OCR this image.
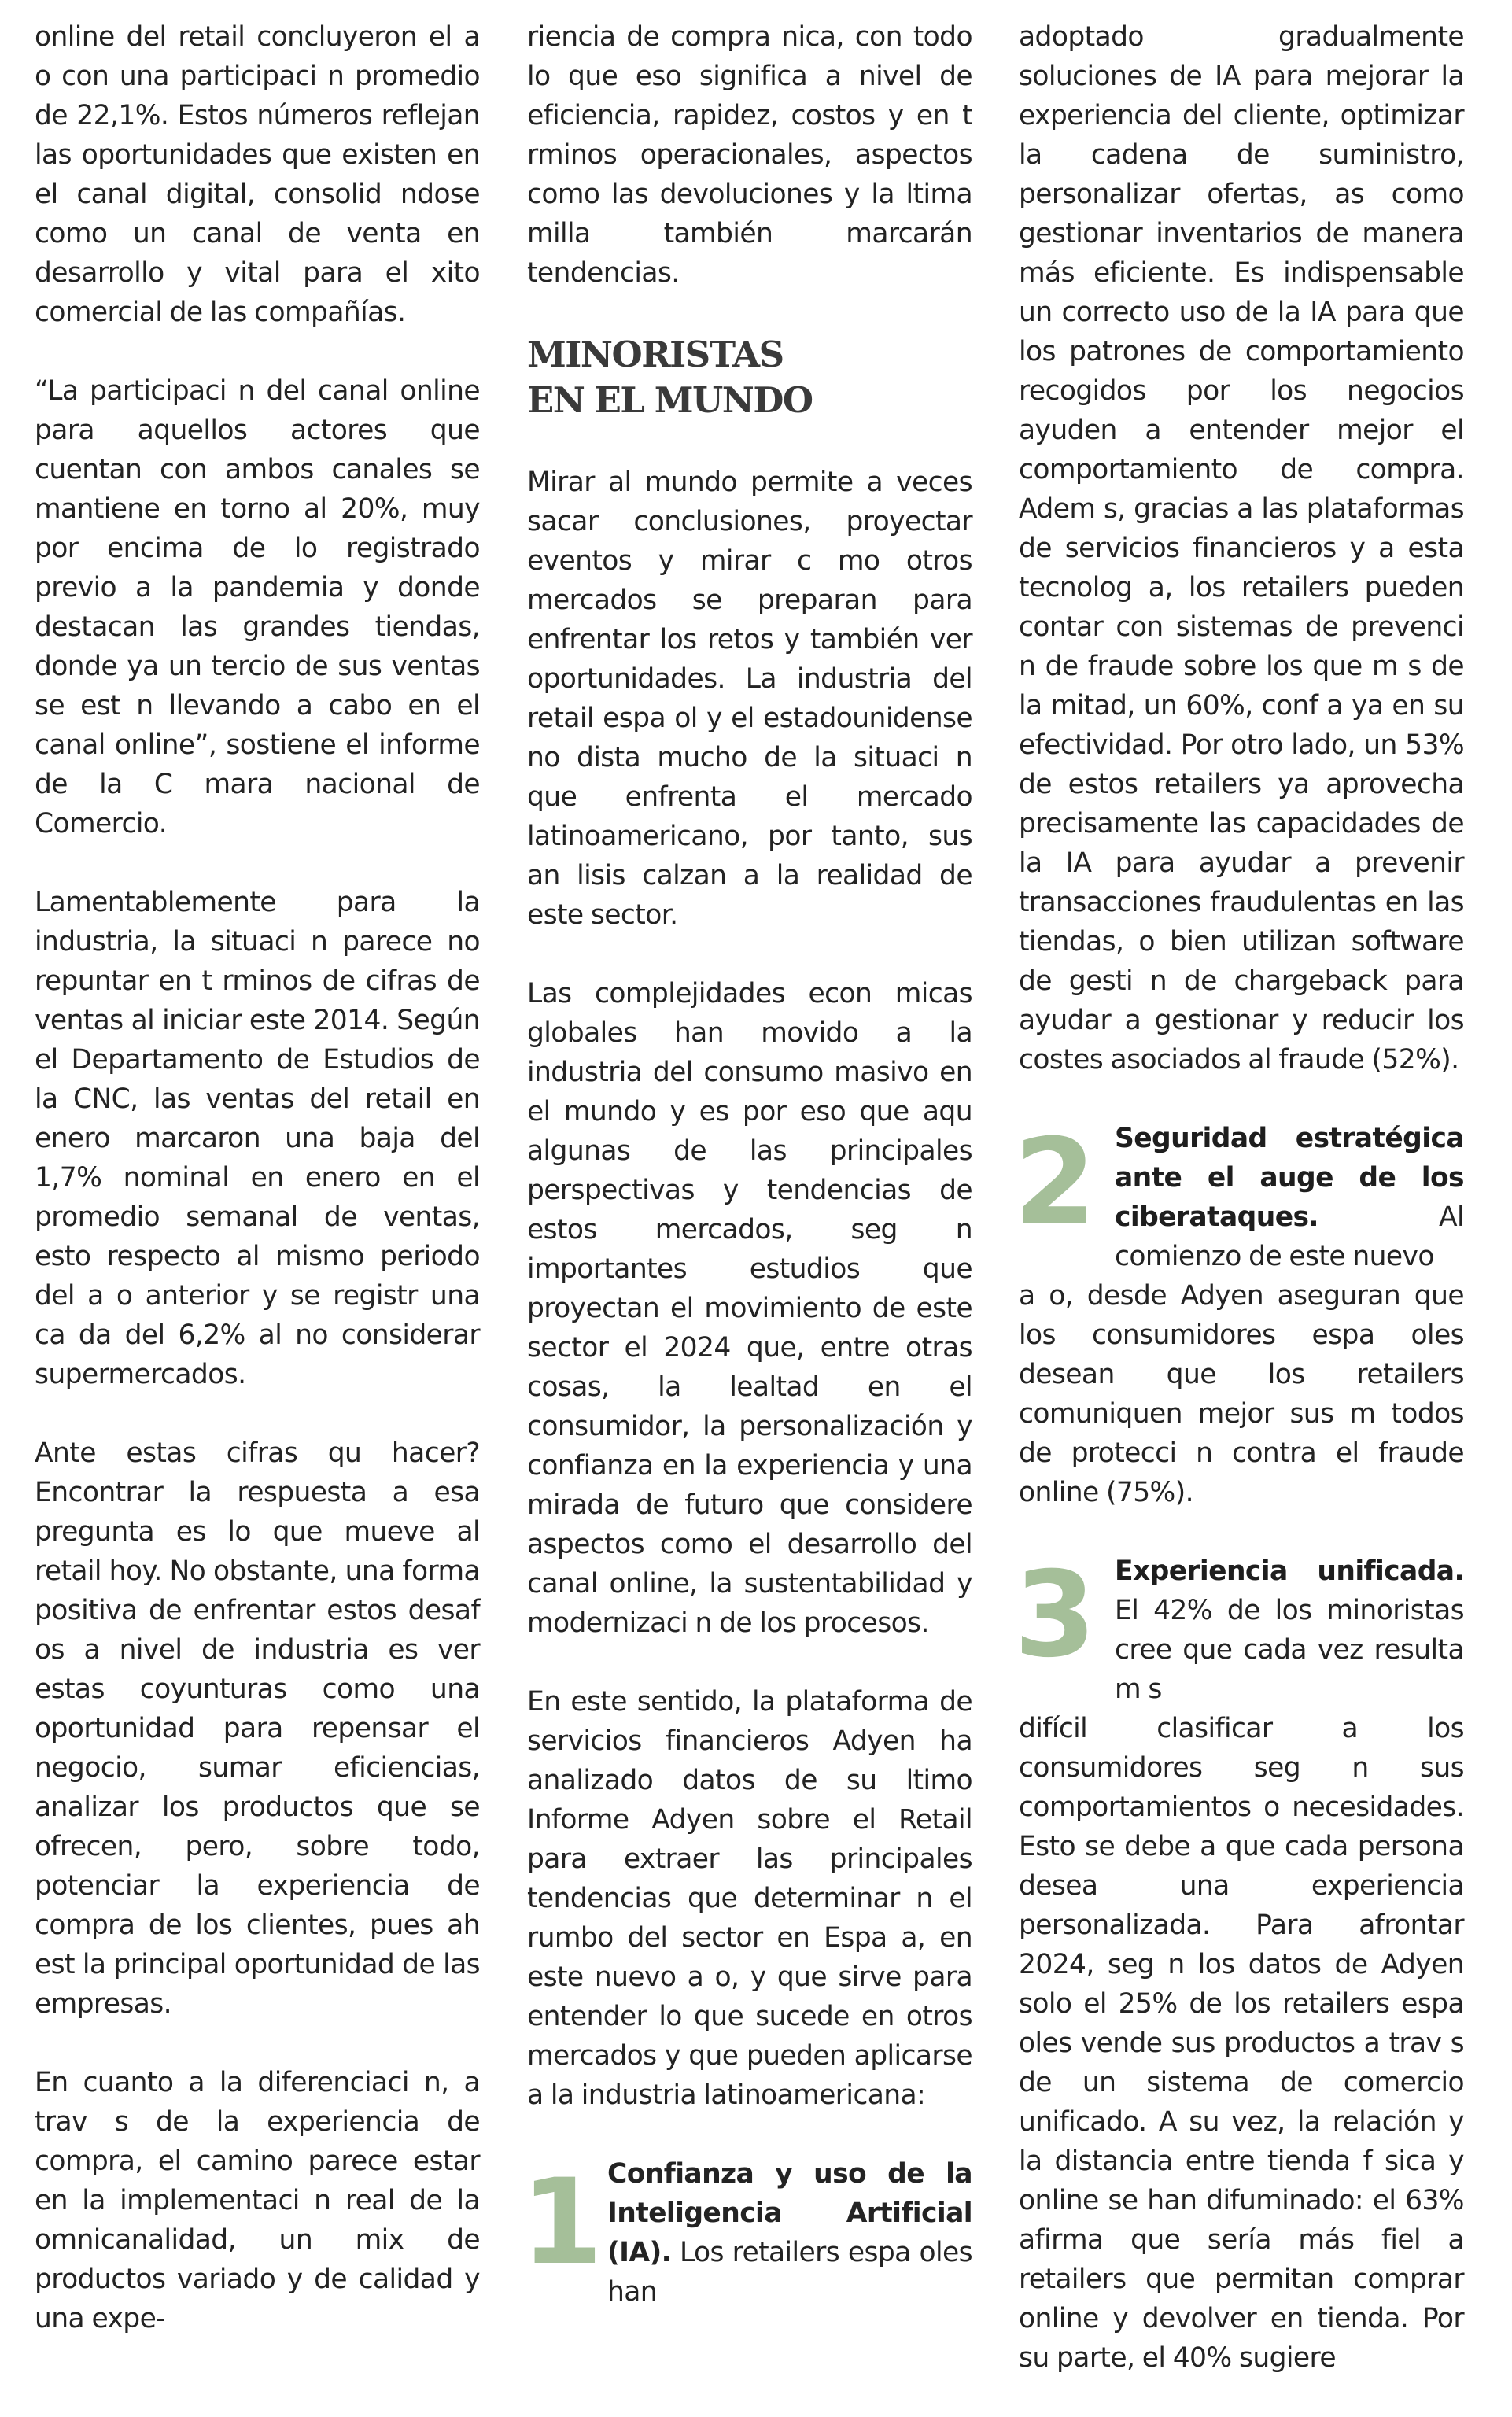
online del retail concluyeron el a o con una participaci n promedio de 22,1%. Estos números reflejan las oportunidades que existen en el canal digital, consolid ndose como un canal de venta en desarrollo y vital para el xito comercial de las compañías.

“La participaci n del canal online para aquellos actores que cuentan con ambos canales se mantiene en torno al 20%, muy por encima de lo registrado previo a la pandemia y donde destacan las grandes tiendas, donde ya un tercio de sus ventas se est n llevando a cabo en el canal online”, sostiene el informe de la C mara nacional de Comercio.

Lamentablemente para la industria, la situaci n parece no repuntar en t rminos de cifras de ventas al iniciar este 2014. Según el Departamento de Estudios de la CNC, las ventas del retail en enero marcaron una baja del 1,7% nominal en enero en el promedio semanal de ventas, esto respecto al mismo periodo del a o anterior y se registr una ca da del 6,2% al no considerar supermercados.

Ante estas cifras qu hacer? Encontrar la respuesta a esa pregunta es lo que mueve al retail hoy. No obstante, una forma positiva de enfrentar estos desaf os a nivel de industria es ver estas coyunturas como una oportunidad para repensar el negocio, sumar eficiencias, analizar los productos que se ofrecen, pero, sobre todo, potenciar la experiencia de compra de los clientes, pues ah est la principal oportunidad de las empresas.

En cuanto a la diferenciaci n, a trav s de la experiencia de compra, el camino parece estar en la implementaci n real de la omnicanalidad, un mix de productos variado y de calidad y una expe-

riencia de compra nica, con todo lo que eso significa a nivel de eficiencia, rapidez, costos y en t rminos operacionales, aspectos como las devoluciones y la ltima milla también marcarán tendencias.

MINORISTAS
EN EL MUNDO

Mirar al mundo permite a veces sacar conclusiones, proyectar eventos y mirar c mo otros mercados se preparan para enfrentar los retos y también ver oportunidades. La industria del retail espa ol y el estadounidense no dista mucho de la situaci n que enfrenta el mercado latinoamericano, por tanto, sus an lisis calzan a la realidad de este sector.

Las complejidades econ micas globales han movido a la industria del consumo masivo en el mundo y es por eso que aqu algunas de las principales perspectivas y tendencias de estos mercados, seg n importantes estudios que proyectan el movimiento de este sector el 2024 que, entre otras cosas, la lealtad en el consumidor, la personalización y confianza en la experiencia y una mirada de futuro que considere aspectos como el desarrollo del canal online, la sustentabilidad y modernizaci n de los procesos.

En este sentido, la plataforma de servicios financieros Adyen ha analizado datos de su ltimo Informe Adyen sobre el Retail para extraer las principales tendencias que determinar n el rumbo del sector en Espa a, en este nuevo a o, y que sirve para entender lo que sucede en otros mercados y que pueden aplicarse a la industria latinoamericana:

1 Confianza y uso de la Inteligencia Artificial (IA). Los retailers espa oles han

adoptado gradualmente soluciones de IA para mejorar la experiencia del cliente, optimizar la cadena de suministro, personalizar ofertas, as como gestionar inventarios de manera más eficiente. Es indispensable un correcto uso de la IA para que los patrones de comportamiento recogidos por los negocios ayuden a entender mejor el comportamiento de compra. Adem s, gracias a las plataformas de servicios financieros y a esta tecnolog a, los retailers pueden contar con sistemas de prevenci n de fraude sobre los que m s de la mitad, un 60%, conf a ya en su efectividad. Por otro lado, un 53% de estos retailers ya aprovecha precisamente las capacidades de la IA para ayudar a prevenir transacciones fraudulentas en las tiendas, o bien utilizan software de gesti n de chargeback para ayudar a gestionar y reducir los costes asociados al fraude (52%).

2 Seguridad estratégica ante el auge de los ciberataques.	Al comienzo de este nuevo
a o, desde Adyen aseguran que los consumidores espa oles desean que los retailers comuniquen mejor sus m todos de protecci n contra el fraude online (75%).
3 Experiencia unificada. El 42% de los minoristas cree que cada vez resulta m s
difícil clasificar a los consumidores seg n sus comportamientos o necesidades. Esto se debe a que cada persona desea una experiencia personalizada. Para afrontar 2024, seg n los datos de Adyen solo el 25% de los retailers espa oles vende sus productos a trav s de un sistema de comercio unificado. A su vez, la relación y la distancia entre tienda f sica y online se han difuminado: el 63% afirma que sería más fiel a retailers que permitan comprar online y devolver en tienda. Por su parte, el 40% sugiere
